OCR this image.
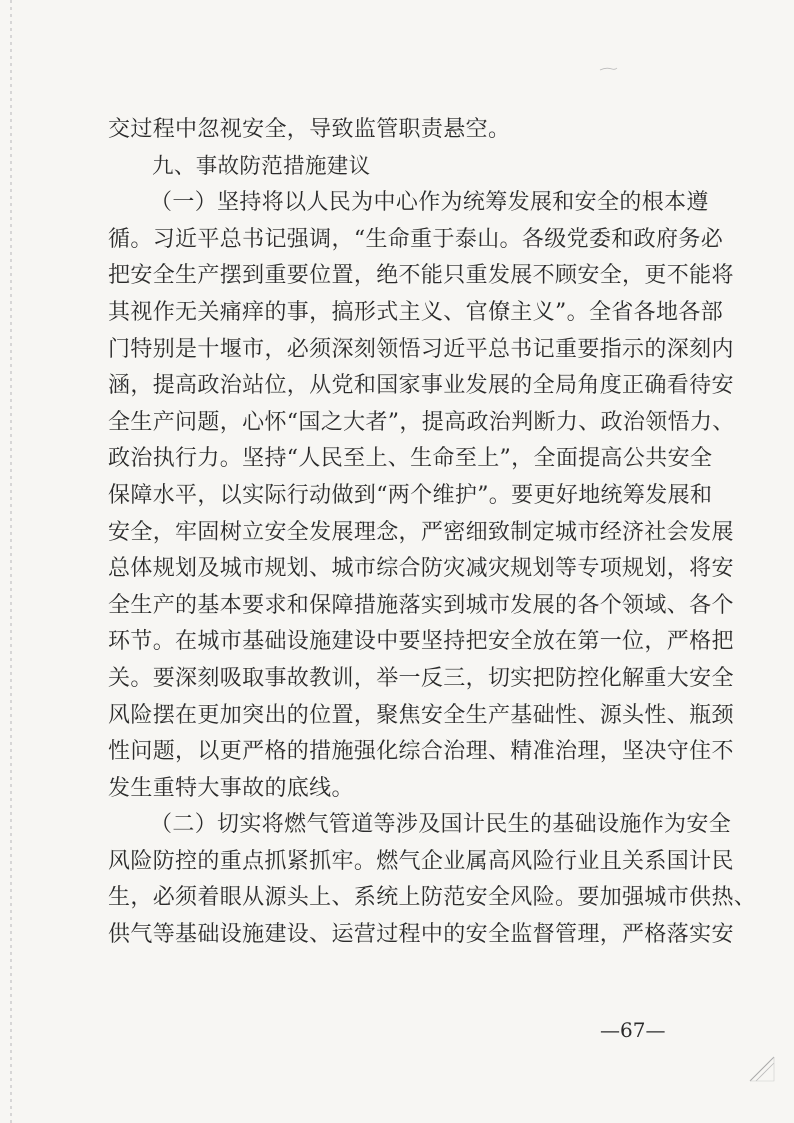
交过程中忽视安全，导致监管职责悬空。
九、事故防范措施建议
（一）坚持将以人民为中心作为统筹发展和安全的根本遵
循。习近平总书记强调，“生命重于泰山。各级党委和政府务必
把安全生产摆到重要位置，绝不能只重发展不顾安全，更不能将
其视作无关痛痒的事，搞形式主义、官僚主义”。全省各地各部
门特别是十堰市，必须深刻领悟习近平总书记重要指示的深刻内
涵，提高政治站位，从党和国家事业发展的全局角度正确看待安
全生产问题，心怀“国之大者”，提高政治判断力、政治领悟力、
政治执行力。坚持“人民至上、生命至上”，全面提高公共安全
保障水平，以实际行动做到“两个维护”。要更好地统筹发展和
安全，牢固树立安全发展理念，严密细致制定城市经济社会发展
总体规划及城市规划、城市综合防灾减灾规划等专项规划，将安
全生产的基本要求和保障措施落实到城市发展的各个领域、各个
环节。在城市基础设施建设中要坚持把安全放在第一位，严格把
关。要深刻吸取事故教训，举一反三，切实把防控化解重大安全
风险摆在更加突出的位置，聚焦安全生产基础性、源头性、瓶颈
性问题，以更严格的措施强化综合治理、精准治理，坚决守住不
发生重特大事故的底线。
（二）切实将燃气管道等涉及国计民生的基础设施作为安全
风险防控的重点抓紧抓牢。燃气企业属高风险行业且关系国计民
生，必须着眼从源头上、系统上防范安全风险。要加强城市供热、
供气等基础设施建设、运营过程中的安全监督管理，严格落实安
—67—
